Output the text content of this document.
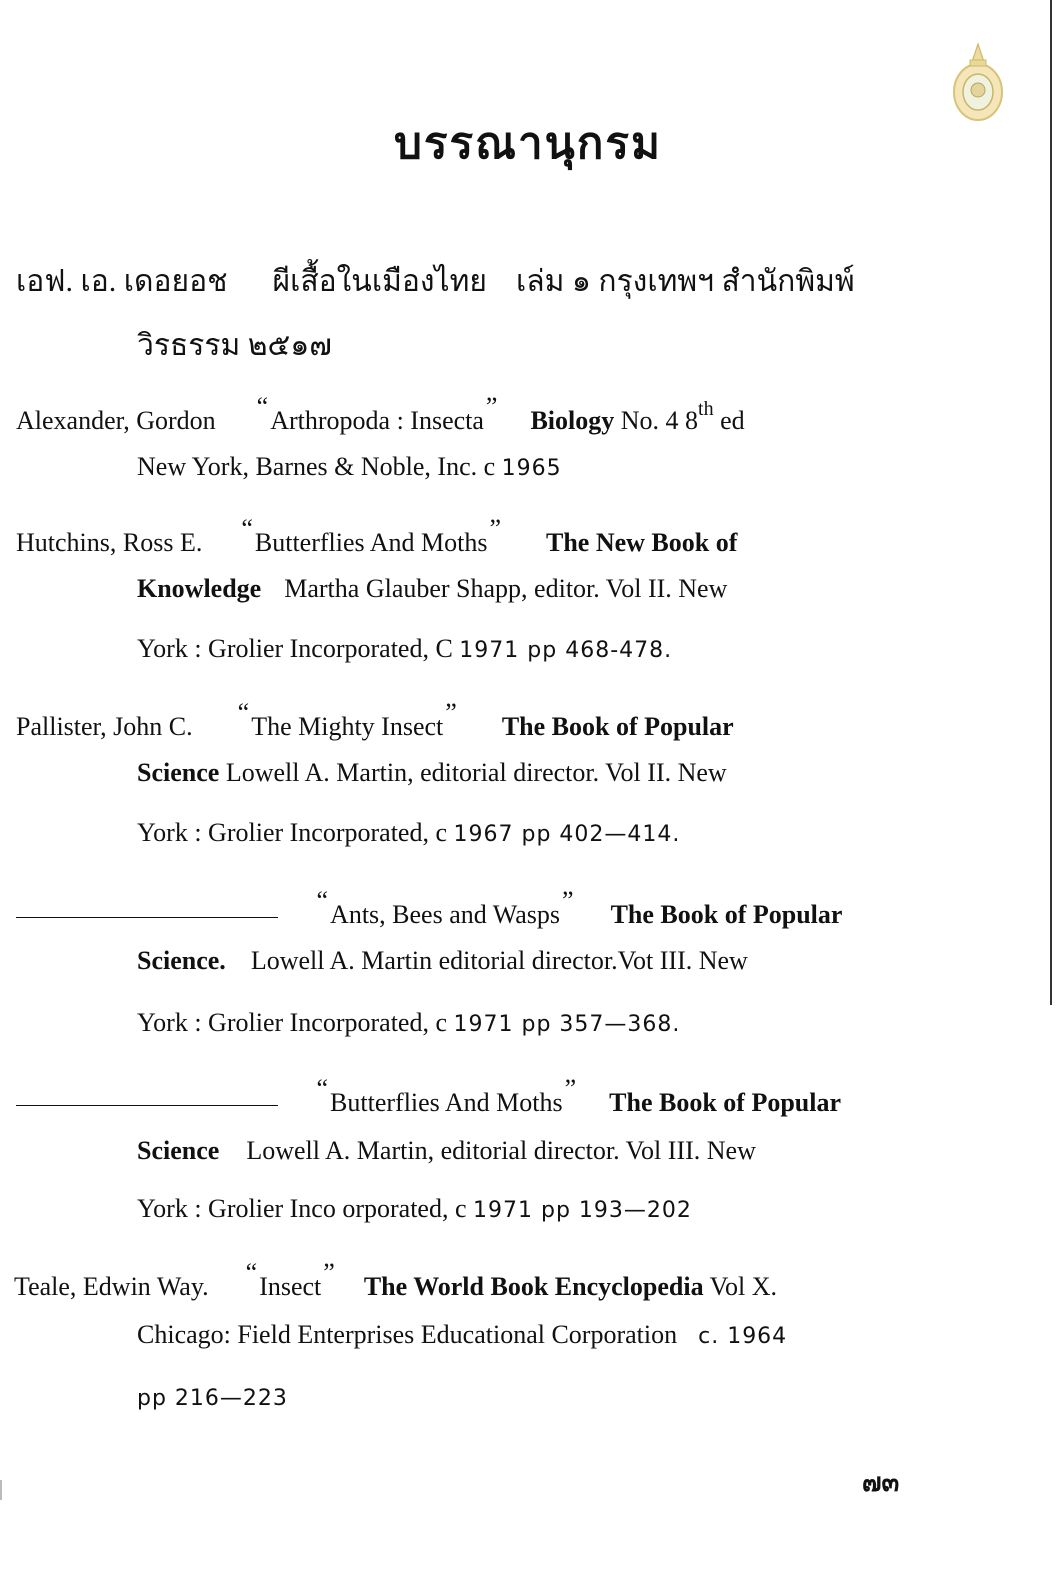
บรรณานุกรม
เอฟ. เอ. เดอยอช ผีเสื้อในเมืองไทย เล่ม ๑ กรุงเทพฯ สำนักพิมพ์
วิรธรรม ๒๕๑๗
Alexander, Gordon “Arthropoda : Insecta” Biology No. 4 8th ed
New York, Barnes & Noble, Inc. c 1965
Hutchins, Ross E. “Butterflies And Moths” The New Book of
Knowledge Martha Glauber Shapp, editor. Vol II. New
York : Grolier Incorporated, C 1971 pp 468-478.
Pallister, John C. “The Mighty Insect” The Book of Popular
Science Lowell A. Martin, editorial director. Vol II. New
York : Grolier Incorporated, c 1967 pp 402—414.
“Ants, Bees and Wasps” The Book of Popular
Science. Lowell A. Martin editorial director.Vot III. New
York : Grolier Incorporated, c 1971 pp 357—368.
“Butterflies And Moths” The Book of Popular
Science Lowell A. Martin, editorial director. Vol III. New
York : Grolier Inco orporated, c 1971 pp 193—202
Teale, Edwin Way. “Insect” The World Book Encyclopedia Vol X.
Chicago: Field Enterprises Educational Corporation c. 1964
pp 216—223
๗๓
